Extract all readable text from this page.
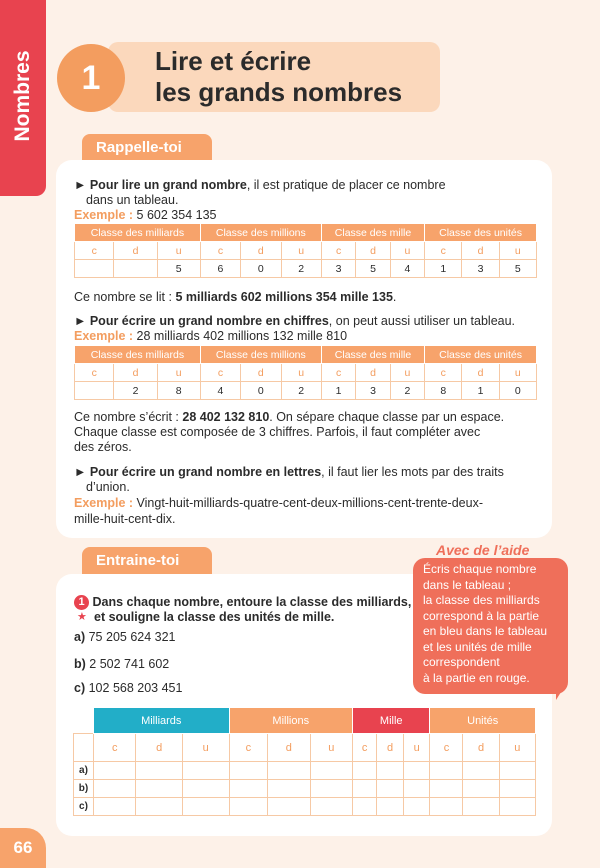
Nombres	1	Lire et écrire
les grands nombres
Rappelle-toi
► Pour lire un grand nombre, il est pratique de placer ce nombre
dans un tableau.
Exemple : 5 602 354 135
Classe des milliards			Classe des millions			Classe des mille			Classe des unités		
c	d	u	c	d	u	c	d	u	c	d	u
		5	6	0	2	3	5	4	1	3	5
Ce nombre se lit : 5 milliards 602 millions 354 mille 135.
► Pour écrire un grand nombre en chiffres, on peut aussi utiliser un tableau.
Exemple : 28 milliards 402 millions 132 mille 810
Classe des milliards			Classe des millions			Classe des mille			Classe des unités		
c	d	u	c	d	u	c	d	u	c	d	u
	2	8	4	0	2	1	3	2	8	1	0
Ce nombre s’écrit : 28 402 132 810. On sépare chaque classe par un espace.
Chaque classe est composée de 3 chiffres. Parfois, il faut compléter avec
des zéros.
► Pour écrire un grand nombre en lettres, il faut lier les mots par des traits
d’union.
Exemple : Vingt-huit-milliards-quatre-cent-deux-millions-cent-trente-deux-
mille-huit-cent-dix.
Entraine-toi
Avec de l’aide
Écris chaque nombre
dans le tableau ;
la classe des milliards
correspond à la partie
en bleu dans le tableau
et les unités de mille
correspondent
à la partie en rouge.
1 Dans chaque nombre, entoure la classe des milliards,
★ et souligne la classe des unités de mille.
a) 75 205 624 321
b) 2 502 741 602
c) 102 568 203 451
	Milliards			Millions			Mille			Unités		
	c	d	u	c	d	u	c	d	u	c	d	u
a)												
b)												
c)												
66
